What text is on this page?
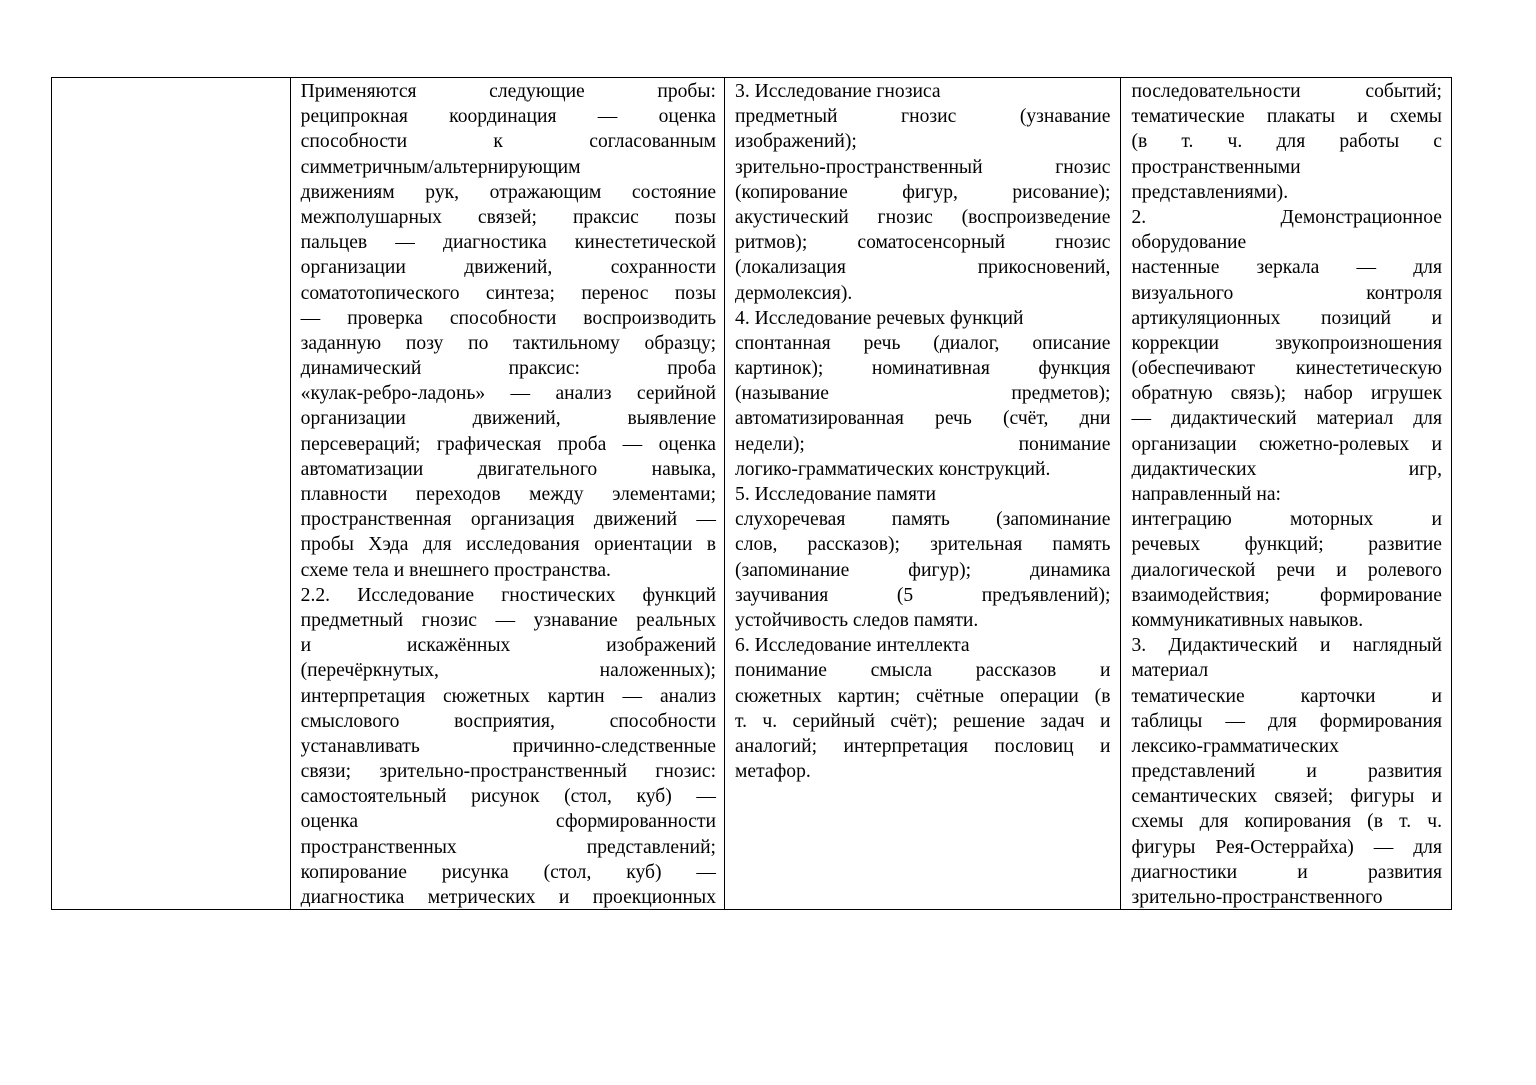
Применяются следующие пробы:
реципрокная координация — оценка
способности к согласованным
симметричным/альтернирующим
движениям рук, отражающим состояние
межполушарных связей; праксис позы
пальцев — диагностика кинестетической
организации движений, сохранности
соматотопического синтеза; перенос позы
— проверка способности воспроизводить
заданную позу по тактильному образцу;
динамический праксис: проба
«кулак-ребро-ладонь» — анализ серийной
организации движений, выявление
персевераций; графическая проба — оценка
автоматизации двигательного навыка,
плавности переходов между элементами;
пространственная организация движений —
пробы Хэда для исследования ориентации в
схеме тела и внешнего пространства.
2.2. Исследование гностических функций
предметный гнозис — узнавание реальных
и искажённых изображений
(перечёркнутых, наложенных);
интерпретация сюжетных картин — анализ
смыслового восприятия, способности
устанавливать причинно-следственные
связи; зрительно-пространственный гнозис:
самостоятельный рисунок (стол, куб) —
оценка сформированности
пространственных представлений;
копирование рисунка (стол, куб) —
диагностика метрических и проекционных
3. Исследование гнозиса
предметный гнозис (узнавание
изображений);
зрительно-пространственный гнозис
(копирование фигур, рисование);
акустический гнозис (воспроизведение
ритмов); соматосенсорный гнозис
(локализация прикосновений,
дермолексия).
4. Исследование речевых функций
спонтанная речь (диалог, описание
картинок); номинативная функция
(называние предметов);
автоматизированная речь (счёт, дни
недели); понимание
логико-грамматических конструкций.
5. Исследование памяти
слухоречевая память (запоминание
слов, рассказов); зрительная память
(запоминание фигур); динамика
заучивания (5 предъявлений);
устойчивость следов памяти.
6. Исследование интеллекта
понимание смысла рассказов и
сюжетных картин; счётные операции (в
т. ч. серийный счёт); решение задач и
аналогий; интерпретация пословиц и
метафор.
последовательности событий;
тематические плакаты и схемы
(в т. ч. для работы с
пространственными
представлениями).
2. Демонстрационное
оборудование
настенные зеркала — для
визуального контроля
артикуляционных позиций и
коррекции звукопроизношения
(обеспечивают кинестетическую
обратную связь); набор игрушек
— дидактический материал для
организации сюжетно-ролевых и
дидактических игр,
направленный на:
интеграцию моторных и
речевых функций; развитие
диалогической речи и ролевого
взаимодействия; формирование
коммуникативных навыков.
3. Дидактический и наглядный
материал
тематические карточки и
таблицы — для формирования
лексико-грамматических
представлений и развития
семантических связей; фигуры и
схемы для копирования (в т. ч.
фигуры Рея-Остеррайха) — для
диагностики и развития
зрительно-пространственного
